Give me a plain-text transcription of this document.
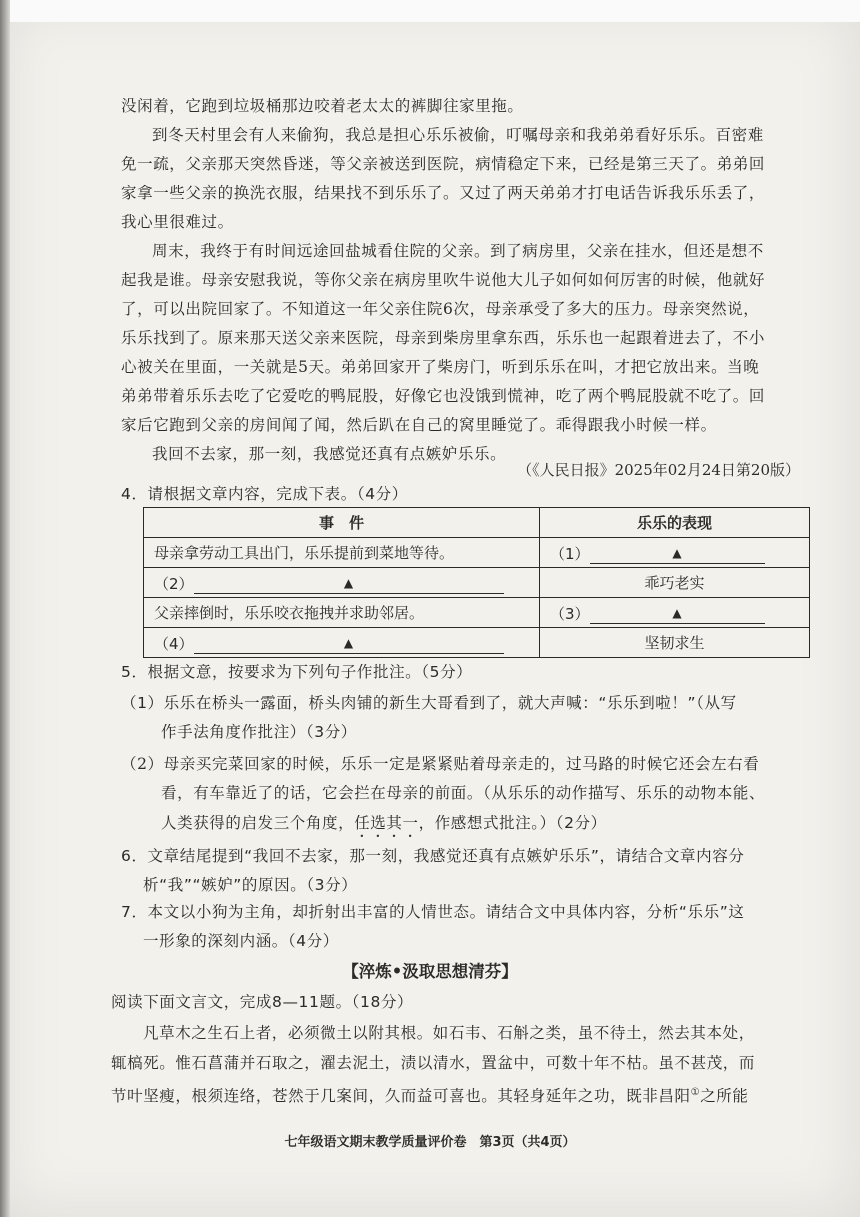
没闲着，它跑到垃圾桶那边咬着老太太的裤脚往家里拖。
到冬天村里会有人来偷狗，我总是担心乐乐被偷，叮嘱母亲和我弟弟看好乐乐。百密难
免一疏，父亲那天突然昏迷，等父亲被送到医院，病情稳定下来，已经是第三天了。弟弟回
家拿一些父亲的换洗衣服，结果找不到乐乐了。又过了两天弟弟才打电话告诉我乐乐丢了，
我心里很难过。
周末，我终于有时间远途回盐城看住院的父亲。到了病房里，父亲在挂水，但还是想不
起我是谁。母亲安慰我说，等你父亲在病房里吹牛说他大儿子如何如何厉害的时候，他就好
了，可以出院回家了。不知道这一年父亲住院6次，母亲承受了多大的压力。母亲突然说，
乐乐找到了。原来那天送父亲来医院，母亲到柴房里拿东西，乐乐也一起跟着进去了，不小
心被关在里面，一关就是5天。弟弟回家开了柴房门，听到乐乐在叫，才把它放出来。当晚
弟弟带着乐乐去吃了它爱吃的鸭屁股，好像它也没饿到慌神，吃了两个鸭屁股就不吃了。回
家后它跑到父亲的房间闻了闻，然后趴在自己的窝里睡觉了。乖得跟我小时候一样。
我回不去家，那一刻，我感觉还真有点嫉妒乐乐。
（《人民日报》2025年02月24日第20版）
4．请根据文章内容，完成下表。（4分）
事　件	乐乐的表现
母亲拿劳动工具出门，乐乐提前到菜地等待。	（1） ▲
（2） ▲	乖巧老实
父亲摔倒时，乐乐咬衣拖拽并求助邻居。	（3） ▲
（4） ▲	坚韧求生
5．根据文意，按要求为下列句子作批注。（5分）
（1）乐乐在桥头一露面，桥头肉铺的新生大哥看到了，就大声喊：“乐乐到啦！”（从写
作手法角度作批注）（3分）
（2）母亲买完菜回家的时候，乐乐一定是紧紧贴着母亲走的，过马路的时候它还会左右看
看，有车靠近了的话，它会拦在母亲的前面。（从乐乐的动作描写、乐乐的动物本能、
人类获得的启发三个角度，任选其一，作感想式批注。）（2分）
6．文章结尾提到“我回不去家，那一刻，我感觉还真有点嫉妒乐乐”，请结合文章内容分
析“我”“嫉妒”的原因。（3分）
7．本文以小狗为主角，却折射出丰富的人情世态。请结合文中具体内容，分析“乐乐”这
一形象的深刻内涵。（4分）
【淬炼•汲取思想清芬】
阅读下面文言文，完成8—11题。（18分）
凡草木之生石上者，必须微土以附其根。如石韦、石斛之类，虽不待土，然去其本处，
辄槁死。惟石菖蒲并石取之，濯去泥土，渍以清水，置盆中，可数十年不枯。虽不甚茂，而
节叶坚瘦，根须连络，苍然于几案间，久而益可喜也。其轻身延年之功，既非昌阳①之所能
七年级语文期末教学质量评价卷　第3页（共4页）
